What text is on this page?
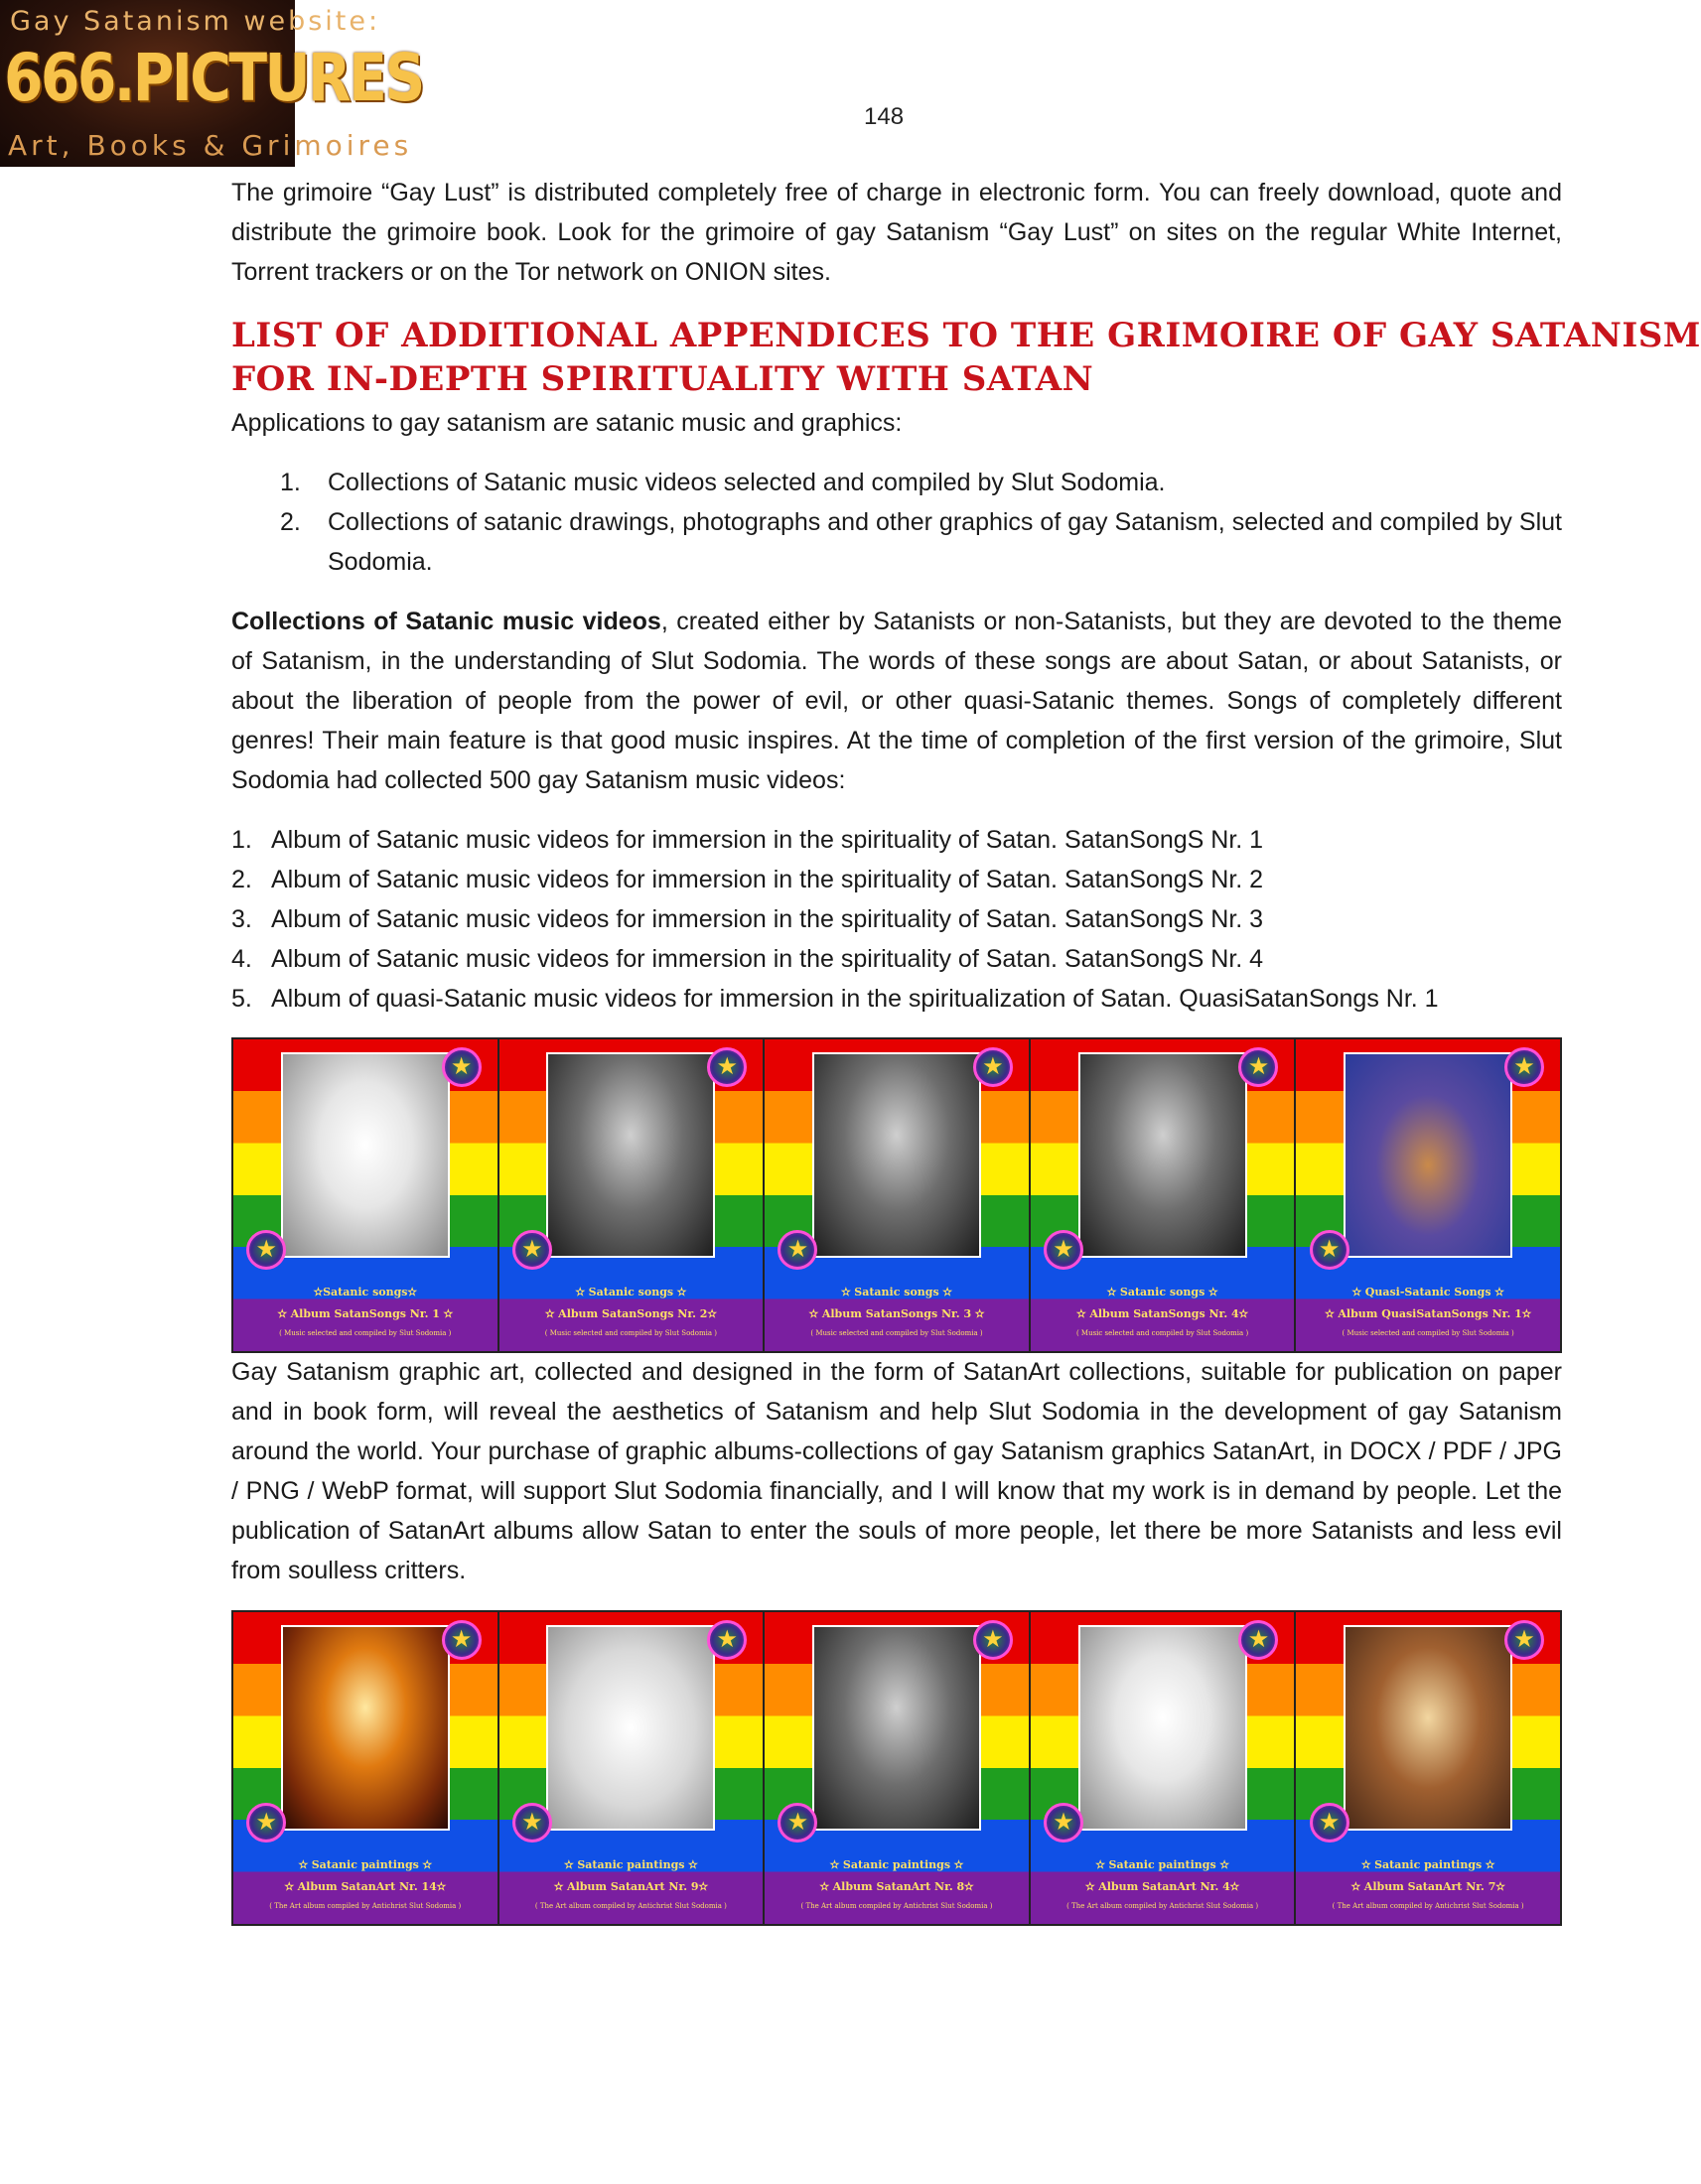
Gay Satanism website:
666.PICTURES
Art, Books & Grimoires
148
The grimoire “Gay Lust” is distributed completely free of charge in electronic form. You can freely download, quote and distribute the grimoire book. Look for the grimoire of gay Satanism “Gay Lust” on sites on the regular White Internet, Torrent trackers or on the Tor network on ONION sites.
LIST OF ADDITIONAL APPENDICES TO THE GRIMOIRE OF GAY SATANISM
FOR IN-DEPTH SPIRITUALITY WITH SATAN
Applications to gay satanism are satanic music and graphics:
1. Collections of Satanic music videos selected and compiled by Slut Sodomia.
2. Collections of satanic drawings, photographs and other graphics of gay Satanism, selected and compiled by Slut Sodomia.
Collections of Satanic music videos, created either by Satanists or non-Satanists, but they are devoted to the theme of Satanism, in the understanding of Slut Sodomia. The words of these songs are about Satan, or about Satanists, or about the liberation of people from the power of evil, or other quasi-Satanic themes. Songs of completely different genres! Their main feature is that good music inspires. At the time of completion of the first version of the grimoire, Slut Sodomia had collected 500 gay Satanism music videos:
1. Album of Satanic music videos for immersion in the spirituality of Satan. SatanSongS Nr. 1
2. Album of Satanic music videos for immersion in the spirituality of Satan. SatanSongS Nr. 2
3. Album of Satanic music videos for immersion in the spirituality of Satan. SatanSongS Nr. 3
4. Album of Satanic music videos for immersion in the spirituality of Satan. SatanSongS Nr. 4
5. Album of quasi-Satanic music videos for immersion in the spiritualization of Satan. QuasiSatanSongs Nr. 1
★
★
✫Satanic songs✫
✫ Album SatanSongs Nr. 1 ✫
( Music selected and compiled by Slut Sodomia )
★
★
✫ Satanic songs ✫
✫ Album SatanSongs Nr. 2✫
( Music selected and compiled by Slut Sodomia )
★
★
✫ Satanic songs ✫
✫ Album SatanSongs Nr. 3 ✫
( Music selected and compiled by Slut Sodomia )
★
★
✫ Satanic songs ✫
✫ Album SatanSongs Nr. 4✫
( Music selected and compiled by Slut Sodomia )
★
★
✫ Quasi-Satanic Songs ✫
✫ Album QuasiSatanSongs Nr. 1✫
( Music selected and compiled by Slut Sodomia )
Gay Satanism graphic art, collected and designed in the form of SatanArt collections, suitable for publication on paper and in book form, will reveal the aesthetics of Satanism and help Slut Sodomia in the development of gay Satanism around the world. Your purchase of graphic albums-collections of gay Satanism graphics SatanArt, in DOCX / PDF / JPG / PNG / WebP format, will support Slut Sodomia financially, and I will know that my work is in demand by people. Let the publication of SatanArt albums allow Satan to enter the souls of more people, let there be more Satanists and less evil from soulless critters.
★
★
✫ Satanic paintings ✫
✫ Album SatanArt Nr. 14✫
( The Art album compiled by Antichrist Slut Sodomia )
★
★
✫ Satanic paintings ✫
✫ Album SatanArt Nr. 9✫
( The Art album compiled by Antichrist Slut Sodomia )
★
★
✫ Satanic paintings ✫
✫ Album SatanArt Nr. 8✫
( The Art album compiled by Antichrist Slut Sodomia )
★
★
✫ Satanic paintings ✫
✫ Album SatanArt Nr. 4✫
( The Art album compiled by Antichrist Slut Sodomia )
★
★
✫ Satanic paintings ✫
✫ Album SatanArt Nr. 7✫
( The Art album compiled by Antichrist Slut Sodomia )
